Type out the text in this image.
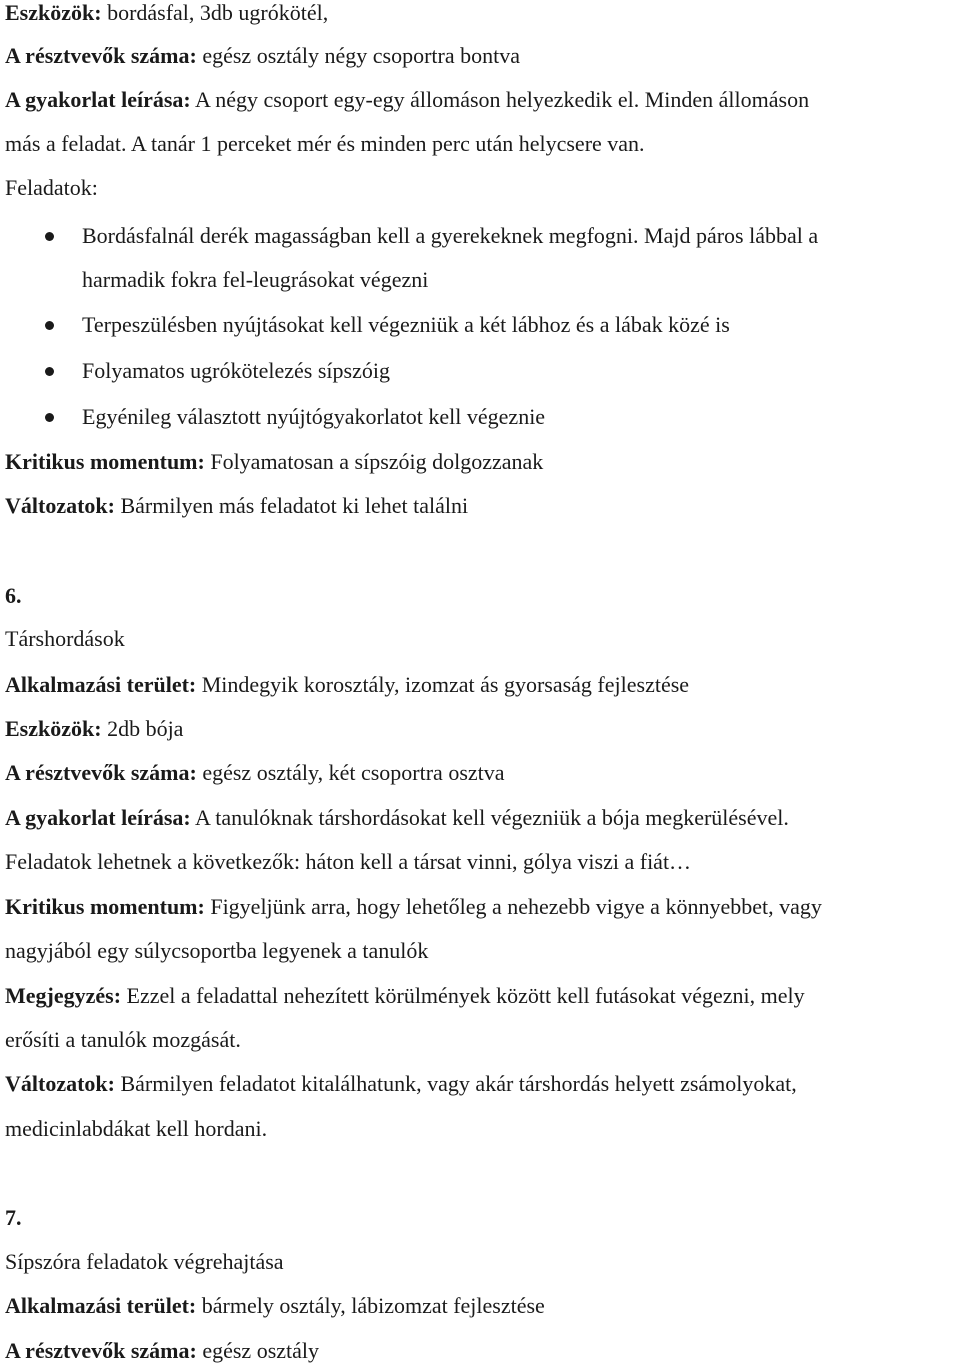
Eszközök: bordásfal, 3db ugrókötél,
A résztvevők száma: egész osztály négy csoportra bontva
A gyakorlat leírása: A négy csoport egy-egy állomáson helyezkedik el. Minden állomáson
más a feladat. A tanár 1 perceket mér és minden perc után helycsere van.
Feladatok:
Bordásfalnál derék magasságban kell a gyerekeknek megfogni. Majd páros lábbal a
harmadik fokra fel-leugrásokat végezni
Terpeszülésben nyújtásokat kell végezniük a két lábhoz és a lábak közé is
Folyamatos ugrókötelezés sípszóig
Egyénileg választott nyújtógyakorlatot kell végeznie
Kritikus momentum: Folyamatosan a sípszóig dolgozzanak
Változatok: Bármilyen más feladatot ki lehet találni
6.
Társhordások
Alkalmazási terület: Mindegyik korosztály, izomzat ás gyorsaság fejlesztése
Eszközök: 2db bója
A résztvevők száma: egész osztály, két csoportra osztva
A gyakorlat leírása: A tanulóknak társhordásokat kell végezniük a bója megkerülésével.
Feladatok lehetnek a következők: háton kell a társat vinni, gólya viszi a fiát…
Kritikus momentum: Figyeljünk arra, hogy lehetőleg a nehezebb vigye a könnyebbet, vagy
nagyjából egy súlycsoportba legyenek a tanulók
Megjegyzés: Ezzel a feladattal nehezített körülmények között kell futásokat végezni, mely
erősíti a tanulók mozgását.
Változatok: Bármilyen feladatot kitalálhatunk, vagy akár társhordás helyett zsámolyokat,
medicinlabdákat kell hordani.
7.
Sípszóra feladatok végrehajtása
Alkalmazási terület: bármely osztály, lábizomzat fejlesztése
A résztvevők száma: egész osztály
